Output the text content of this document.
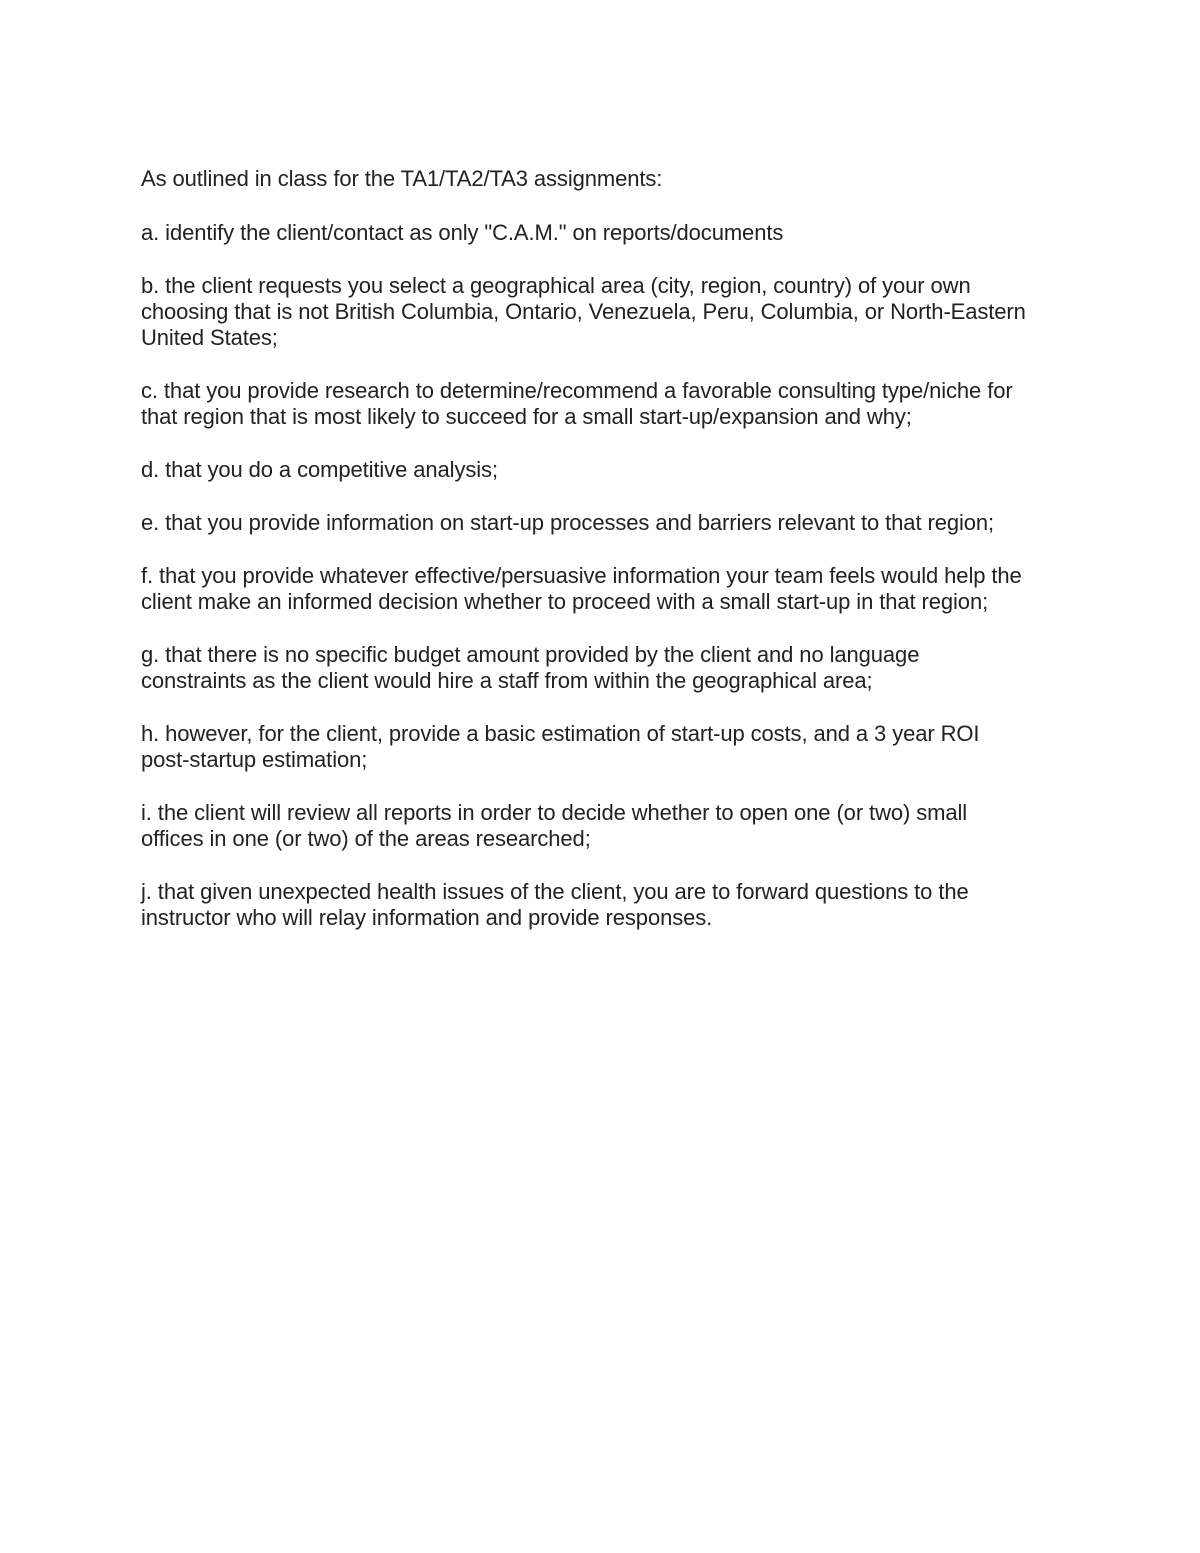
As outlined in class for the TA1/TA2/TA3 assignments:

a. identify the client/contact as only "C.A.M." on reports/documents

b. the client requests you select a geographical area (city, region, country) of your own
choosing that is not British Columbia, Ontario, Venezuela, Peru, Columbia, or North-Eastern
United States;

c. that you provide research to determine/recommend a favorable consulting type/niche for
that region that is most likely to succeed for a small start-up/expansion and why;

d. that you do a competitive analysis;

e. that you provide information on start-up processes and barriers relevant to that region;

f. that you provide whatever effective/persuasive information your team feels would help the
client make an informed decision whether to proceed with a small start-up in that region;

g. that there is no specific budget amount provided by the client and no language
constraints as the client would hire a staff from within the geographical area;

h. however, for the client, provide a basic estimation of start-up costs, and a 3 year ROI
post-startup estimation;

i. the client will review all reports in order to decide whether to open one (or two) small
offices in one (or two) of the areas researched;

j. that given unexpected health issues of the client, you are to forward questions to the
instructor who will relay information and provide responses.
